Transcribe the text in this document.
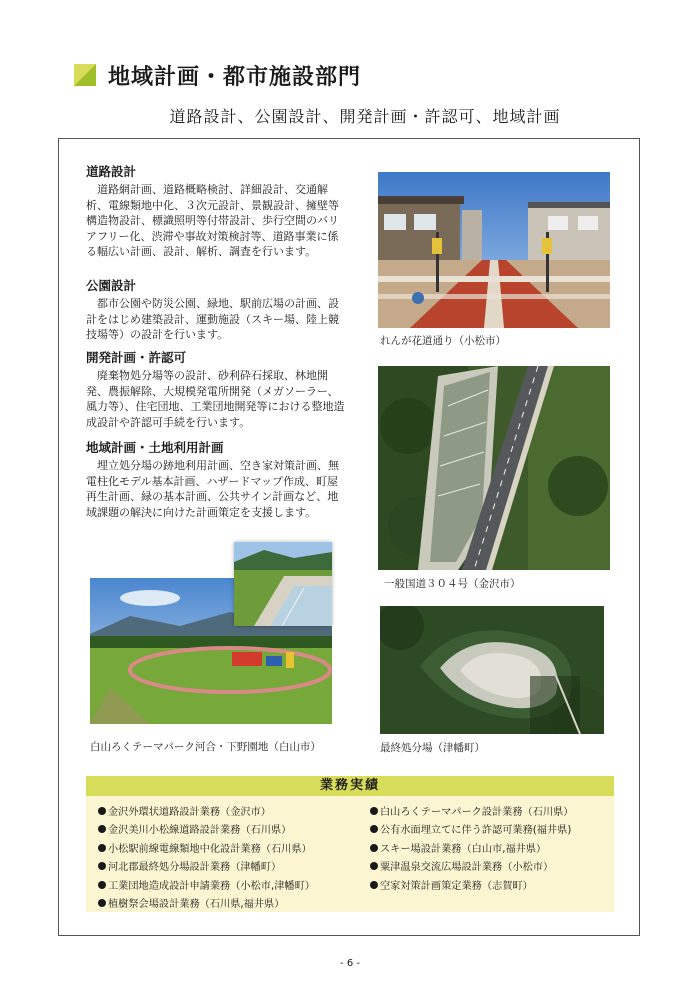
地域計画・都市施設部門
道路設計、公園設計、開発計画・許認可、地域計画
道路設計

道路網計画、道路概略検討、詳細設計、交通解析、電線類地中化、３次元設計、景観設計、擁壁等構造物設計、標識照明等付帯設計、歩行空間のバリアフリー化、渋滞や事故対策検討等、道路事業に係る幅広い計画、設計、解析、調査を行います。

公園設計

都市公園や防災公園、緑地、駅前広場の計画、設計をはじめ建築設計、運動施設（スキー場、陸上競技場等）の設計を行います。

開発計画・許認可

廃棄物処分場等の設計、砂利砕石採取、林地開発、農振解除、大規模発電所開発（メガソーラー、風力等）、住宅団地、工業団地開発等における整地造成設計や許認可手続を行います。

地域計画・土地利用計画

埋立処分場の跡地利用計画、空き家対策計画、無電柱化モデル基本計画、ハザードマップ作成、町屋再生計画、緑の基本計画、公共サイン計画など、地域課題の解決に向けた計画策定を支援します。

れんが花道通り（小松市）
一般国道３０４号（金沢市）
白山ろくテーマパーク河合・下野園地（白山市）	最終処分場（津幡町）
業務実績
金沢外環状道路設計業務（金沢市）
金沢美川小松線道路設計業務（石川県）
小松駅前線電線類地中化設計業務（石川県）
河北郡最終処分場設計業務（津幡町）
工業団地造成設計申請業務（小松市,津幡町）
植樹祭会場設計業務（石川県,福井県）
白山ろくテーマパーク設計業務（石川県）
公有水面埋立てに伴う許認可業務(福井県)
スキー場設計業務（白山市,福井県）
粟津温泉交流広場設計業務（小松市）
空家対策計画策定業務（志賀町）
- 6 -
